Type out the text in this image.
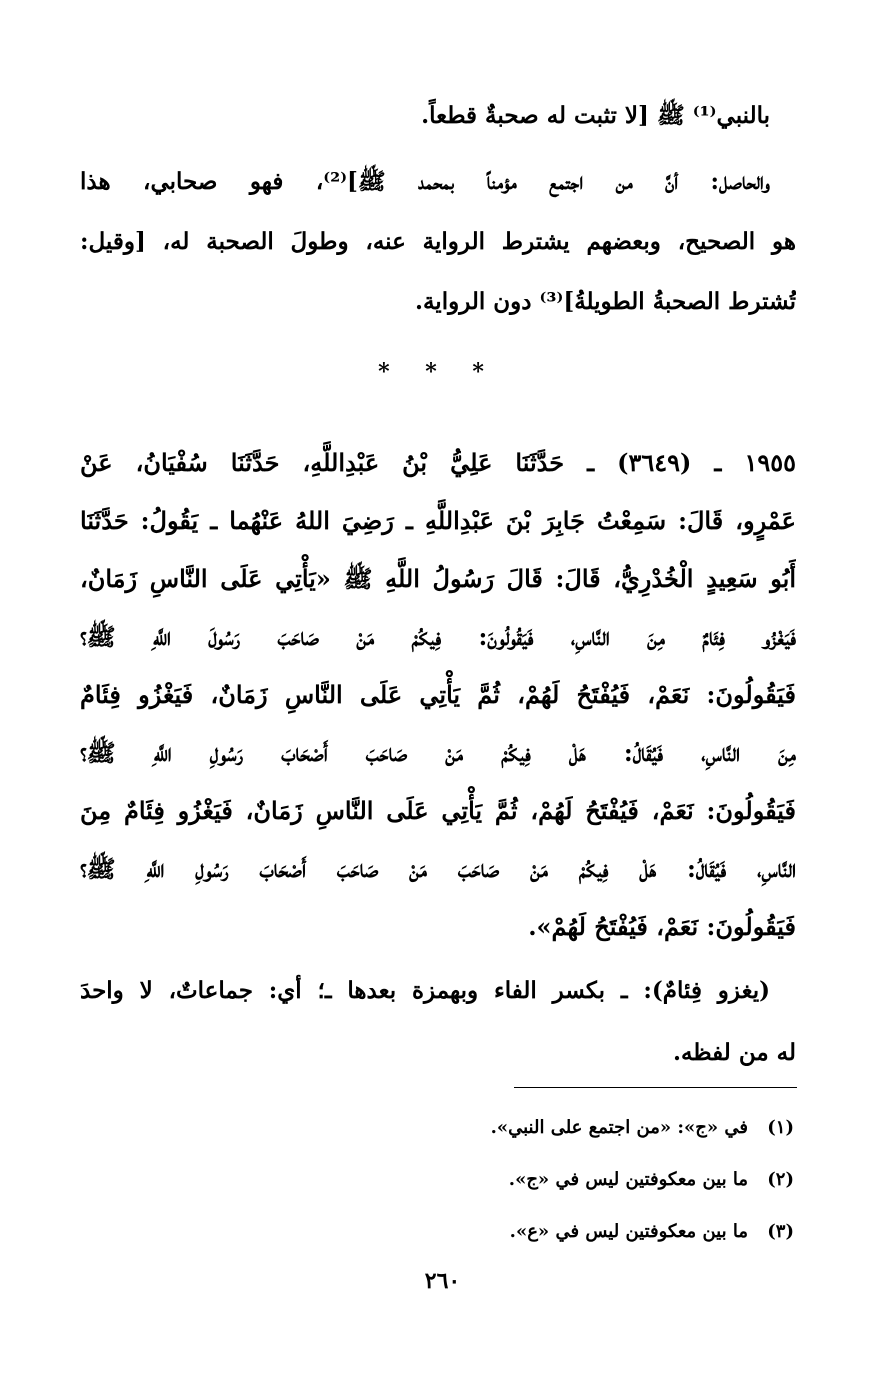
بالنبي⁽¹⁾ ﷺ [لا تثبت له صحبةٌ قطعاً.
والحاصل: أنَّ من اجتمع مؤمناً بمحمد ﷺ]⁽²⁾، فهو صحابي، هذا
هو الصحيح، وبعضهم يشترط الرواية عنه، وطولَ الصحبة له، [وقيل:
تُشترط الصحبةُ الطويلةُ]⁽³⁾ دون الرواية.
* * *
١٩٥٥ ـ (٣٦٤٩) ـ حَدَّثَنَا عَلِيُّ بْنُ عَبْدِاللَّهِ، حَدَّثَنَا سُفْيَانُ، عَنْ
عَمْرٍو، قَالَ: سَمِعْتُ جَابِرَ بْنَ عَبْدِاللَّهِ ـ رَضِيَ اللهُ عَنْهُما ـ يَقُولُ: حَدَّثَنَا
أَبُو سَعِيدٍ الْخُدْرِيُّ، قَالَ: قَالَ رَسُولُ اللَّهِ ﷺ «يَأْتِي عَلَى النَّاسِ زَمَانٌ،
فَيَغْزُو فِئَامٌ مِنَ النَّاسِ، فَيَقُولُونَ: فِيكُمْ مَنْ صَاحَبَ رَسُولَ اللَّهِ ﷺ؟
فَيَقُولُونَ: نَعَمْ، فَيُفْتَحُ لَهُمْ، ثُمَّ يَأْتِي عَلَى النَّاسِ زَمَانٌ، فَيَغْزُو فِئَامٌ
مِنَ النَّاسِ، فَيُقَالُ: هَلْ فِيكُمْ مَنْ صَاحَبَ أَصْحَابَ رَسُولِ اللَّهِ ﷺ؟
فَيَقُولُونَ: نَعَمْ، فَيُفْتَحُ لَهُمْ، ثُمَّ يَأْتِي عَلَى النَّاسِ زَمَانٌ، فَيَغْزُو فِئَامٌ مِنَ
النَّاسِ، فَيُقَالُ: هَلْ فِيكُمْ مَنْ صَاحَبَ مَنْ صَاحَبَ أَصْحَابَ رَسُولِ اللَّهِ ﷺ؟
فَيَقُولُونَ: نَعَمْ، فَيُفْتَحُ لَهُمْ».
(يغزو فِئامٌ): ـ بكسر الفاء وبهمزة بعدها ـ؛ أي: جماعاتٌ، لا واحدَ
له من لفظه.
(١)في «ج»: «من اجتمع على النبي».
(٢)ما بين معكوفتين ليس في «ج».
(٣)ما بين معكوفتين ليس في «ع».
٢٦٠
